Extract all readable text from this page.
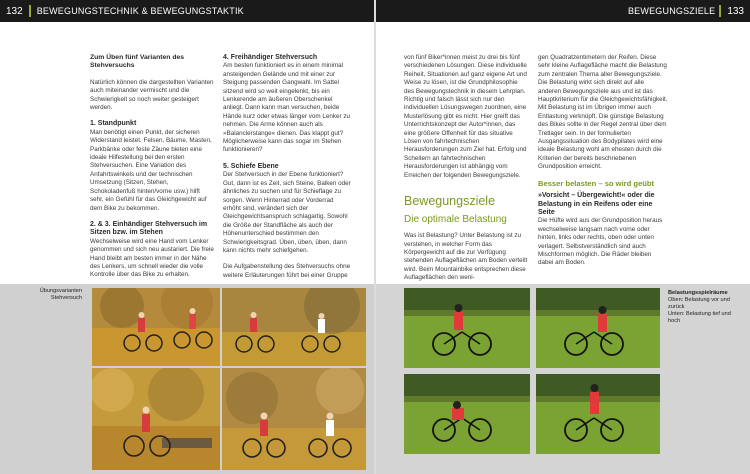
132	BEWEGUNGSTECHNIK & BEWEGUNGSTAKTIK
Zum Üben fünf Varianten des Stehversuchs

Natürlich können die dargestellten Varianten auch miteinander vermischt und die Schwierigkeit so noch weiter gesteigert werden.

1. Standpunkt

Man benötigt einen Punkt, der sicheren Widerstand leistet. Felsen, Bäume, Masten, Parkbänke oder feste Zäune bieten eine ideale Hilfestellung bei den ersten Stehversuchen. Eine Variation des Anfahrtswinkels und der technischen Umsetzung (Sitzen, Stehen, Schokoladenfuß hinten/vorne usw.) hilft sehr, ein Gefühl für das Gleichgewicht auf dem Bike zu bekommen.

2. & 3. Einhändiger Stehversuch im Sitzen bzw. im Stehen

Wechselweise wird eine Hand vom Lenker genommen und sich neu austariert. Die freie Hand bleibt am besten immer in der Nähe des Lenkers, um schnell wieder die volle Kontrolle über das Bike zu erhalten.

4. Freihändiger Stehversuch

Am besten funktioniert es in einem minimal ansteigenden Gelände und mit einer zur Steigung passenden Gangwahl. Im Sattel sitzend wird so weit eingelenkt, bis ein Lenkerende am äußeren Oberschenkel anliegt. Dann kann man versuchen, beide Hände kurz oder etwas länger vom Lenker zu nehmen. Die Arme können auch als »Balancierstange« dienen. Das klappt gut? Möglicherweise kann das sogar im Stehen funktionieren?

5. Schiefe Ebene

Der Stehversuch in der Ebene funktioniert? Gut, dann ist es Zeit, sich Steine, Balken oder ähnliches zu suchen und für Schieflage zu sorgen. Wenn Hinterrad oder Vorderrad erhöht sind, verändert sich der Gleichgewichtsanspruch schlagartig. Sowohl die Größe der Standfläche als auch der Höhenunterschied bestimmen den Schwierigkeitsgrad. Üben, üben, üben, dann kann nichts mehr schiefgehen.

Die Aufgabenstellung des Stehversuchs ohne weitere Erläuterungen führt bei einer Gruppe

Übungsvarianten
Stehversuch
BEWEGUNGSZIELE	133

von fünf Biker*innen meist zu drei bis fünf verschiedenen Lösungen. Diese individuelle Reiheit, Situationen auf ganz eigene Art und Weise zu lösen, ist die Grundphilosophie des Bewegungstechnik in diesem Lehrplan. Richtig und falsch lässt sich nur den individuellen Lösungswegen zuordnen, eine Musterlösung gibt es nicht. Hier greift das Unterrichtskonzept der Autor*innen, das eine größere Offenheit für das situative Lösen von fahrtechnischen Herausforderungen zum Ziel hat. Erfolg und Scheitern an fahrtechnischen Herausforderungen ist abhängig vom Erreichen der folgenden Bewegungsziele.

Bewegungsziele

Die optimale Belastung

Was ist Belastung? Unter Belastung ist zu verstehen, in welcher Form das Körpergewicht auf die zur Verfügung stehenden Auflageflächen am Boden verteilt wird. Beim Mountainbike entsprechen diese Auflageflächen den weni-

gen Quadratzentimetern der Reifen. Diese sehr kleine Auflagefläche macht die Belastung zum zentralen Thema aller Bewegungsziele. Die Belastung wirkt sich direkt auf alle anderen Bewegungsziele aus und ist das Hauptkriterium für die Gleichgewichtsfähigkeit. Mit Belastung ist im Übrigen immer auch Entlastung verknüpft. Die günstige Belastung des Bikes sollte in der Regel zentral über dem Tretlager sein. In der formulierten Ausgangssituation des Bodypilates wird eine ideale Belastung wohl am ehesten durch die Kriterien der bereits beschriebenen Grundposition erreicht.

Besser belasten – so wird geübt

»Vorsicht – Übergewicht!« oder die Belastung in ein Reifens oder eine Seite

Die Hüfte wird aus der Grundposition heraus wechselweise langsam nach vorne oder hinten, links oder rechts, oben oder unten verlagert. Selbstverständlich sind auch Mischformen möglich. Die Räder bleiben dabei am Boden.

Belastungsspielräume
Oben: Belastung vor und zurück
Unten: Belastung tief und hoch
